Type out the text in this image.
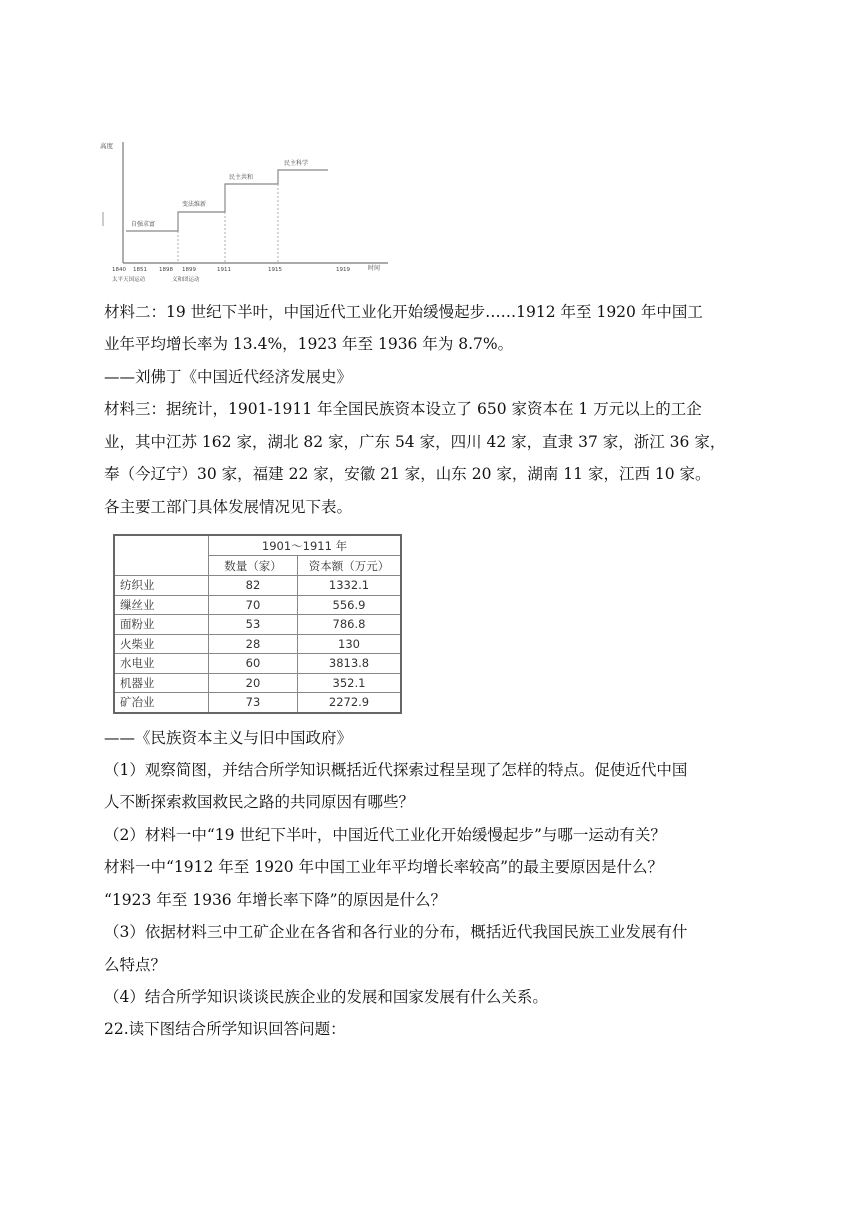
高度
时间
自强求富
变法维新
民主共和
民主科学
1840 1851 1898 1899	1911	1915	1919
太平天国运动	义和团运动
材料二：19 世纪下半叶，中国近代工业化开始缓慢起步……1912 年至 1920 年中国工
业年平均增长率为 13.4%，1923 年至 1936 年为 8.7%。
——刘佛丁《中国近代经济发展史》
材料三：据统计，1901-1911 年全国民族资本设立了 650 家资本在 1 万元以上的工企
业，其中江苏 162 家，湖北 82 家，广东 54 家，四川 42 家，直隶 37 家，浙江 36 家，
奉（今辽宁）30 家，福建 22 家，安徽 21 家，山东 20 家，湖南 11 家，江西 10 家。
各主要工部门具体发展情况见下表。
	1901～1911 年	
	数量（家）	资本额（万元）
纺织业	82	1332.1
缫丝业	70	556.9
面粉业	53	786.8
火柴业	28	130
水电业	60	3813.8
机器业	20	352.1
矿冶业	73	2272.9
——《民族资本主义与旧中国政府》
（1）观察简图，并结合所学知识概括近代探索过程呈现了怎样的特点。促使近代中国
人不断探索救国救民之路的共同原因有哪些？
（2）材料一中“19 世纪下半叶，中国近代工业化开始缓慢起步”与哪一运动有关？
材料一中“1912 年至 1920 年中国工业年平均增长率较高”的最主要原因是什么？
“1923 年至 1936 年增长率下降”的原因是什么？
（3）依据材料三中工矿企业在各省和各行业的分布，概括近代我国民族工业发展有什
么特点？
（4）结合所学知识谈谈民族企业的发展和国家发展有什么关系。
22.读下图结合所学知识回答问题：
